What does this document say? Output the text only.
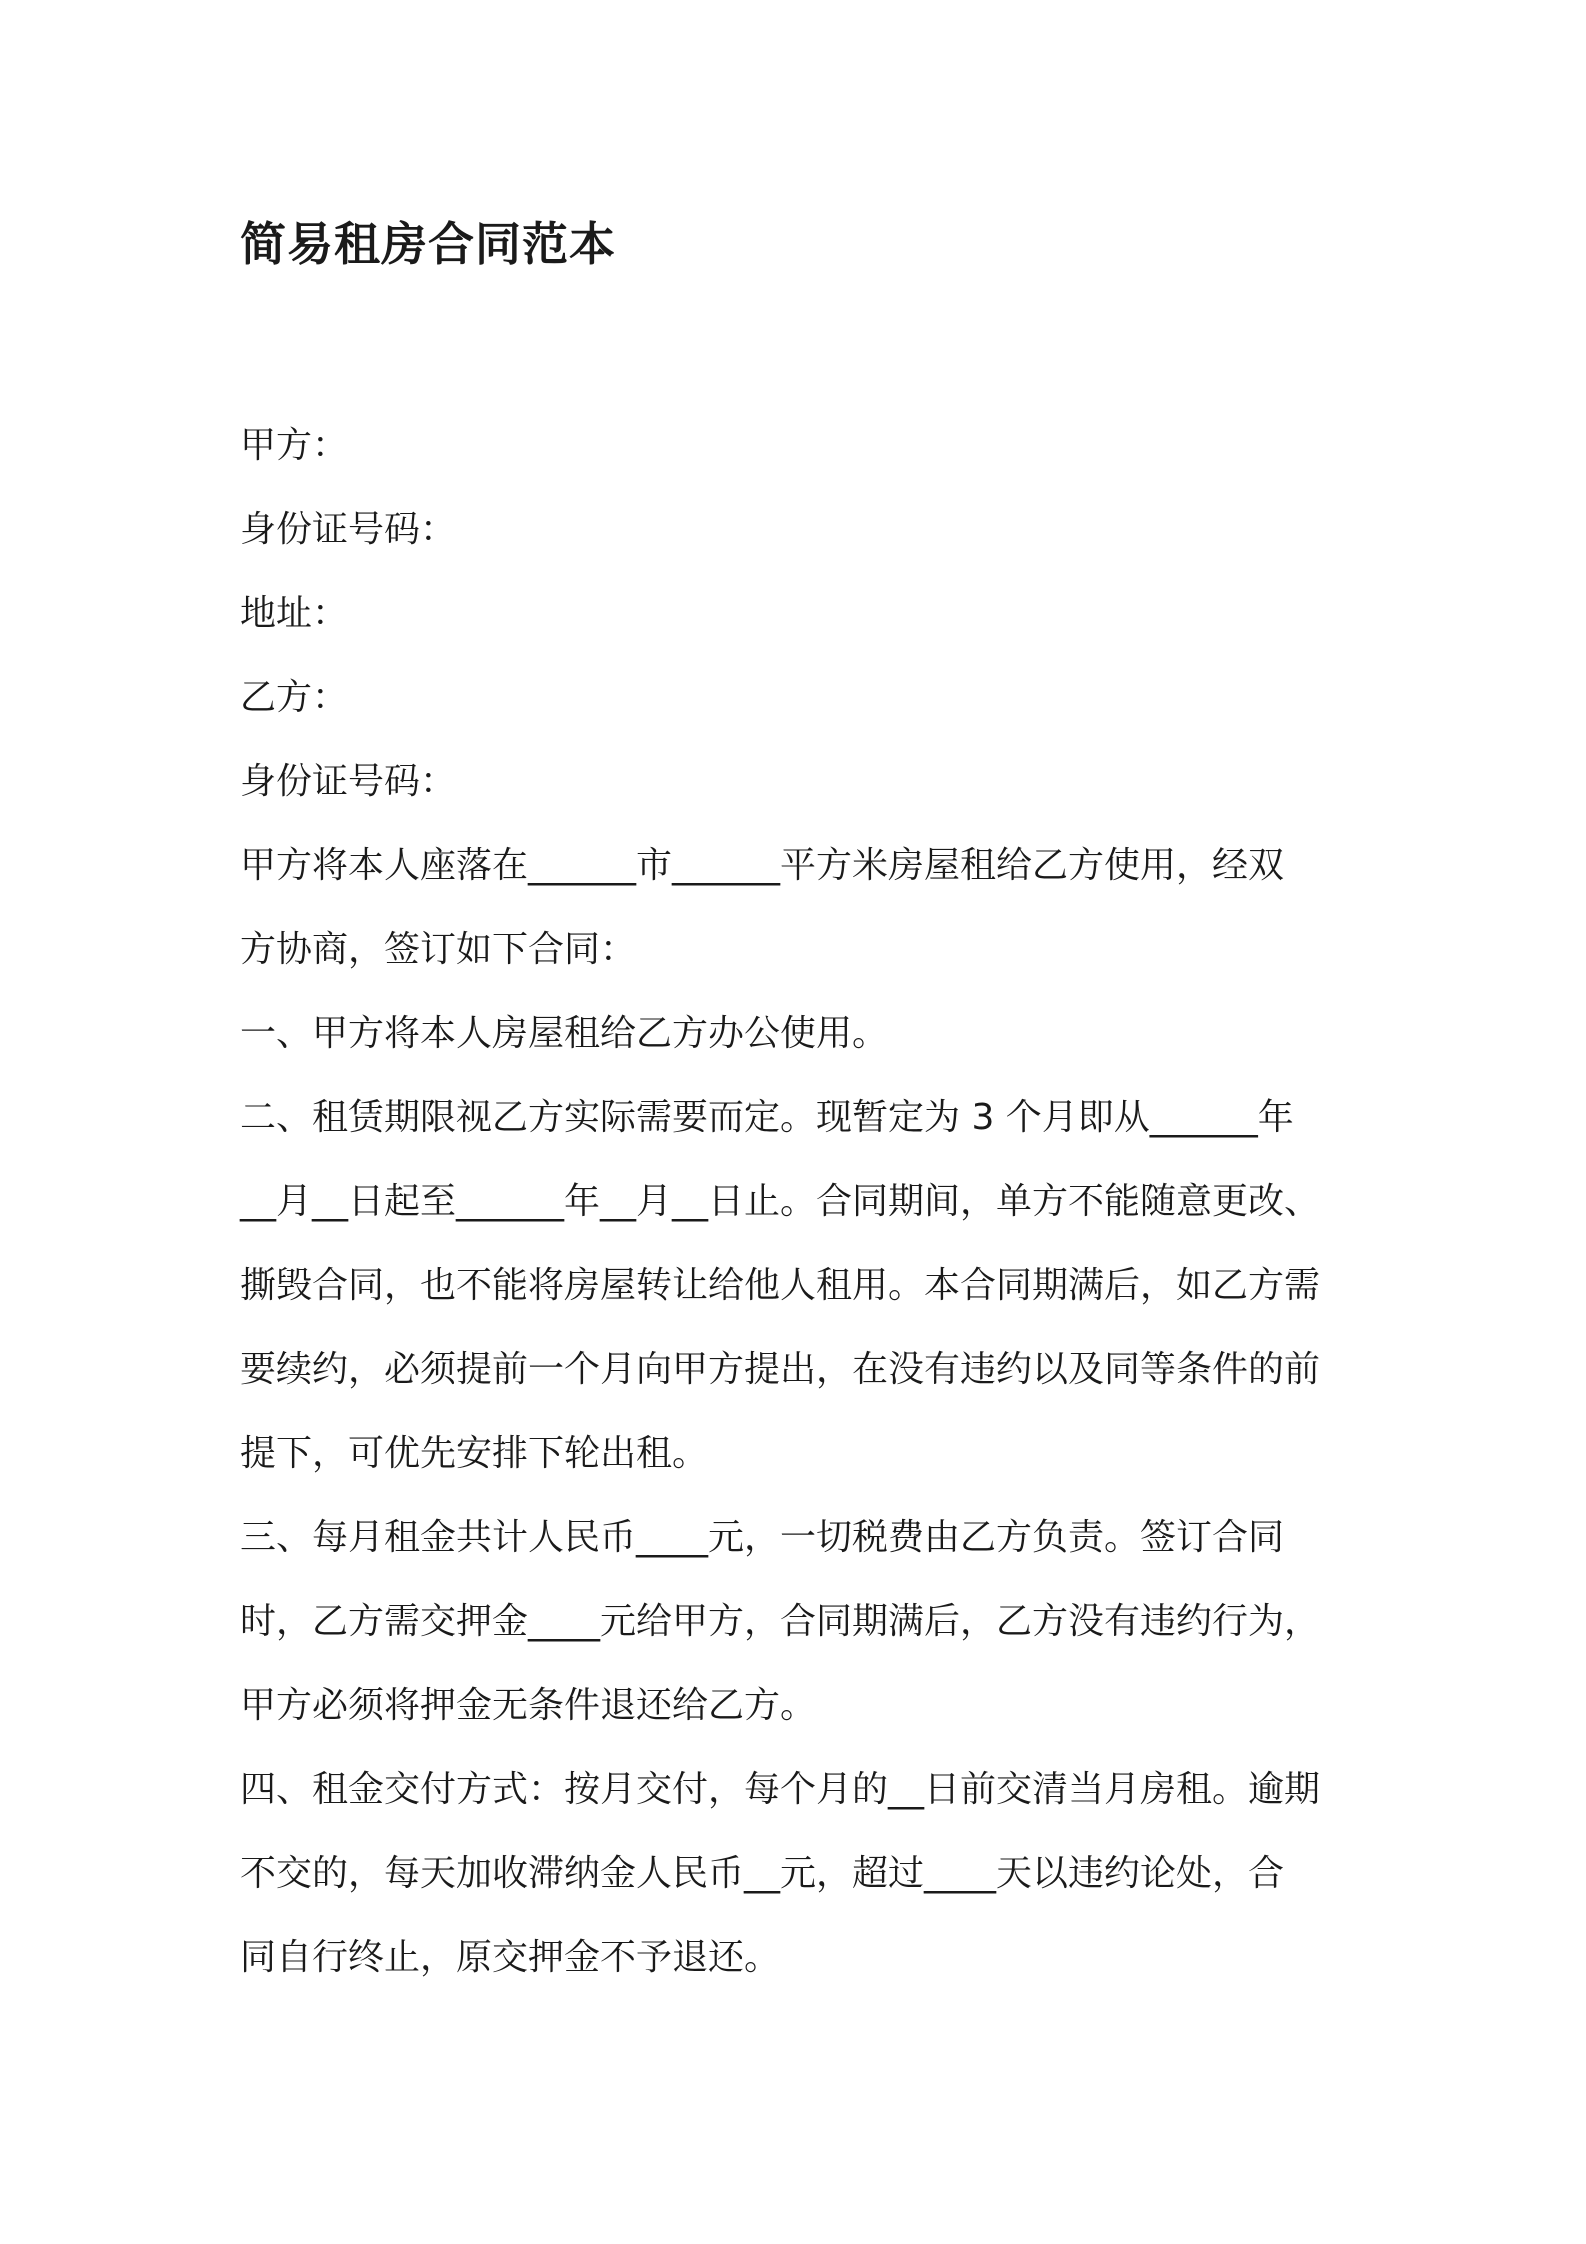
简易租房合同范本

甲方：

身份证号码：

地址：

乙方：

身份证号码：

甲方将本人座落在______市______平方米房屋租给乙方使用，经双
方协商，签订如下合同：
一、甲方将本人房屋租给乙方办公使用。
二、租赁期限视乙方实际需要而定。现暂定为 3 个月即从______年
__月__日起至______年__月__日止。合同期间，单方不能随意更改、
撕毁合同，也不能将房屋转让给他人租用。本合同期满后，如乙方需
要续约，必须提前一个月向甲方提出，在没有违约以及同等条件的前
提下，可优先安排下轮出租。
三、每月租金共计人民币____元，一切税费由乙方负责。签订合同
时，乙方需交押金____元给甲方，合同期满后，乙方没有违约行为，
甲方必须将押金无条件退还给乙方。
四、租金交付方式：按月交付，每个月的__日前交清当月房租。逾期
不交的，每天加收滞纳金人民币__元，超过____天以违约论处，合
同自行终止，原交押金不予退还。
